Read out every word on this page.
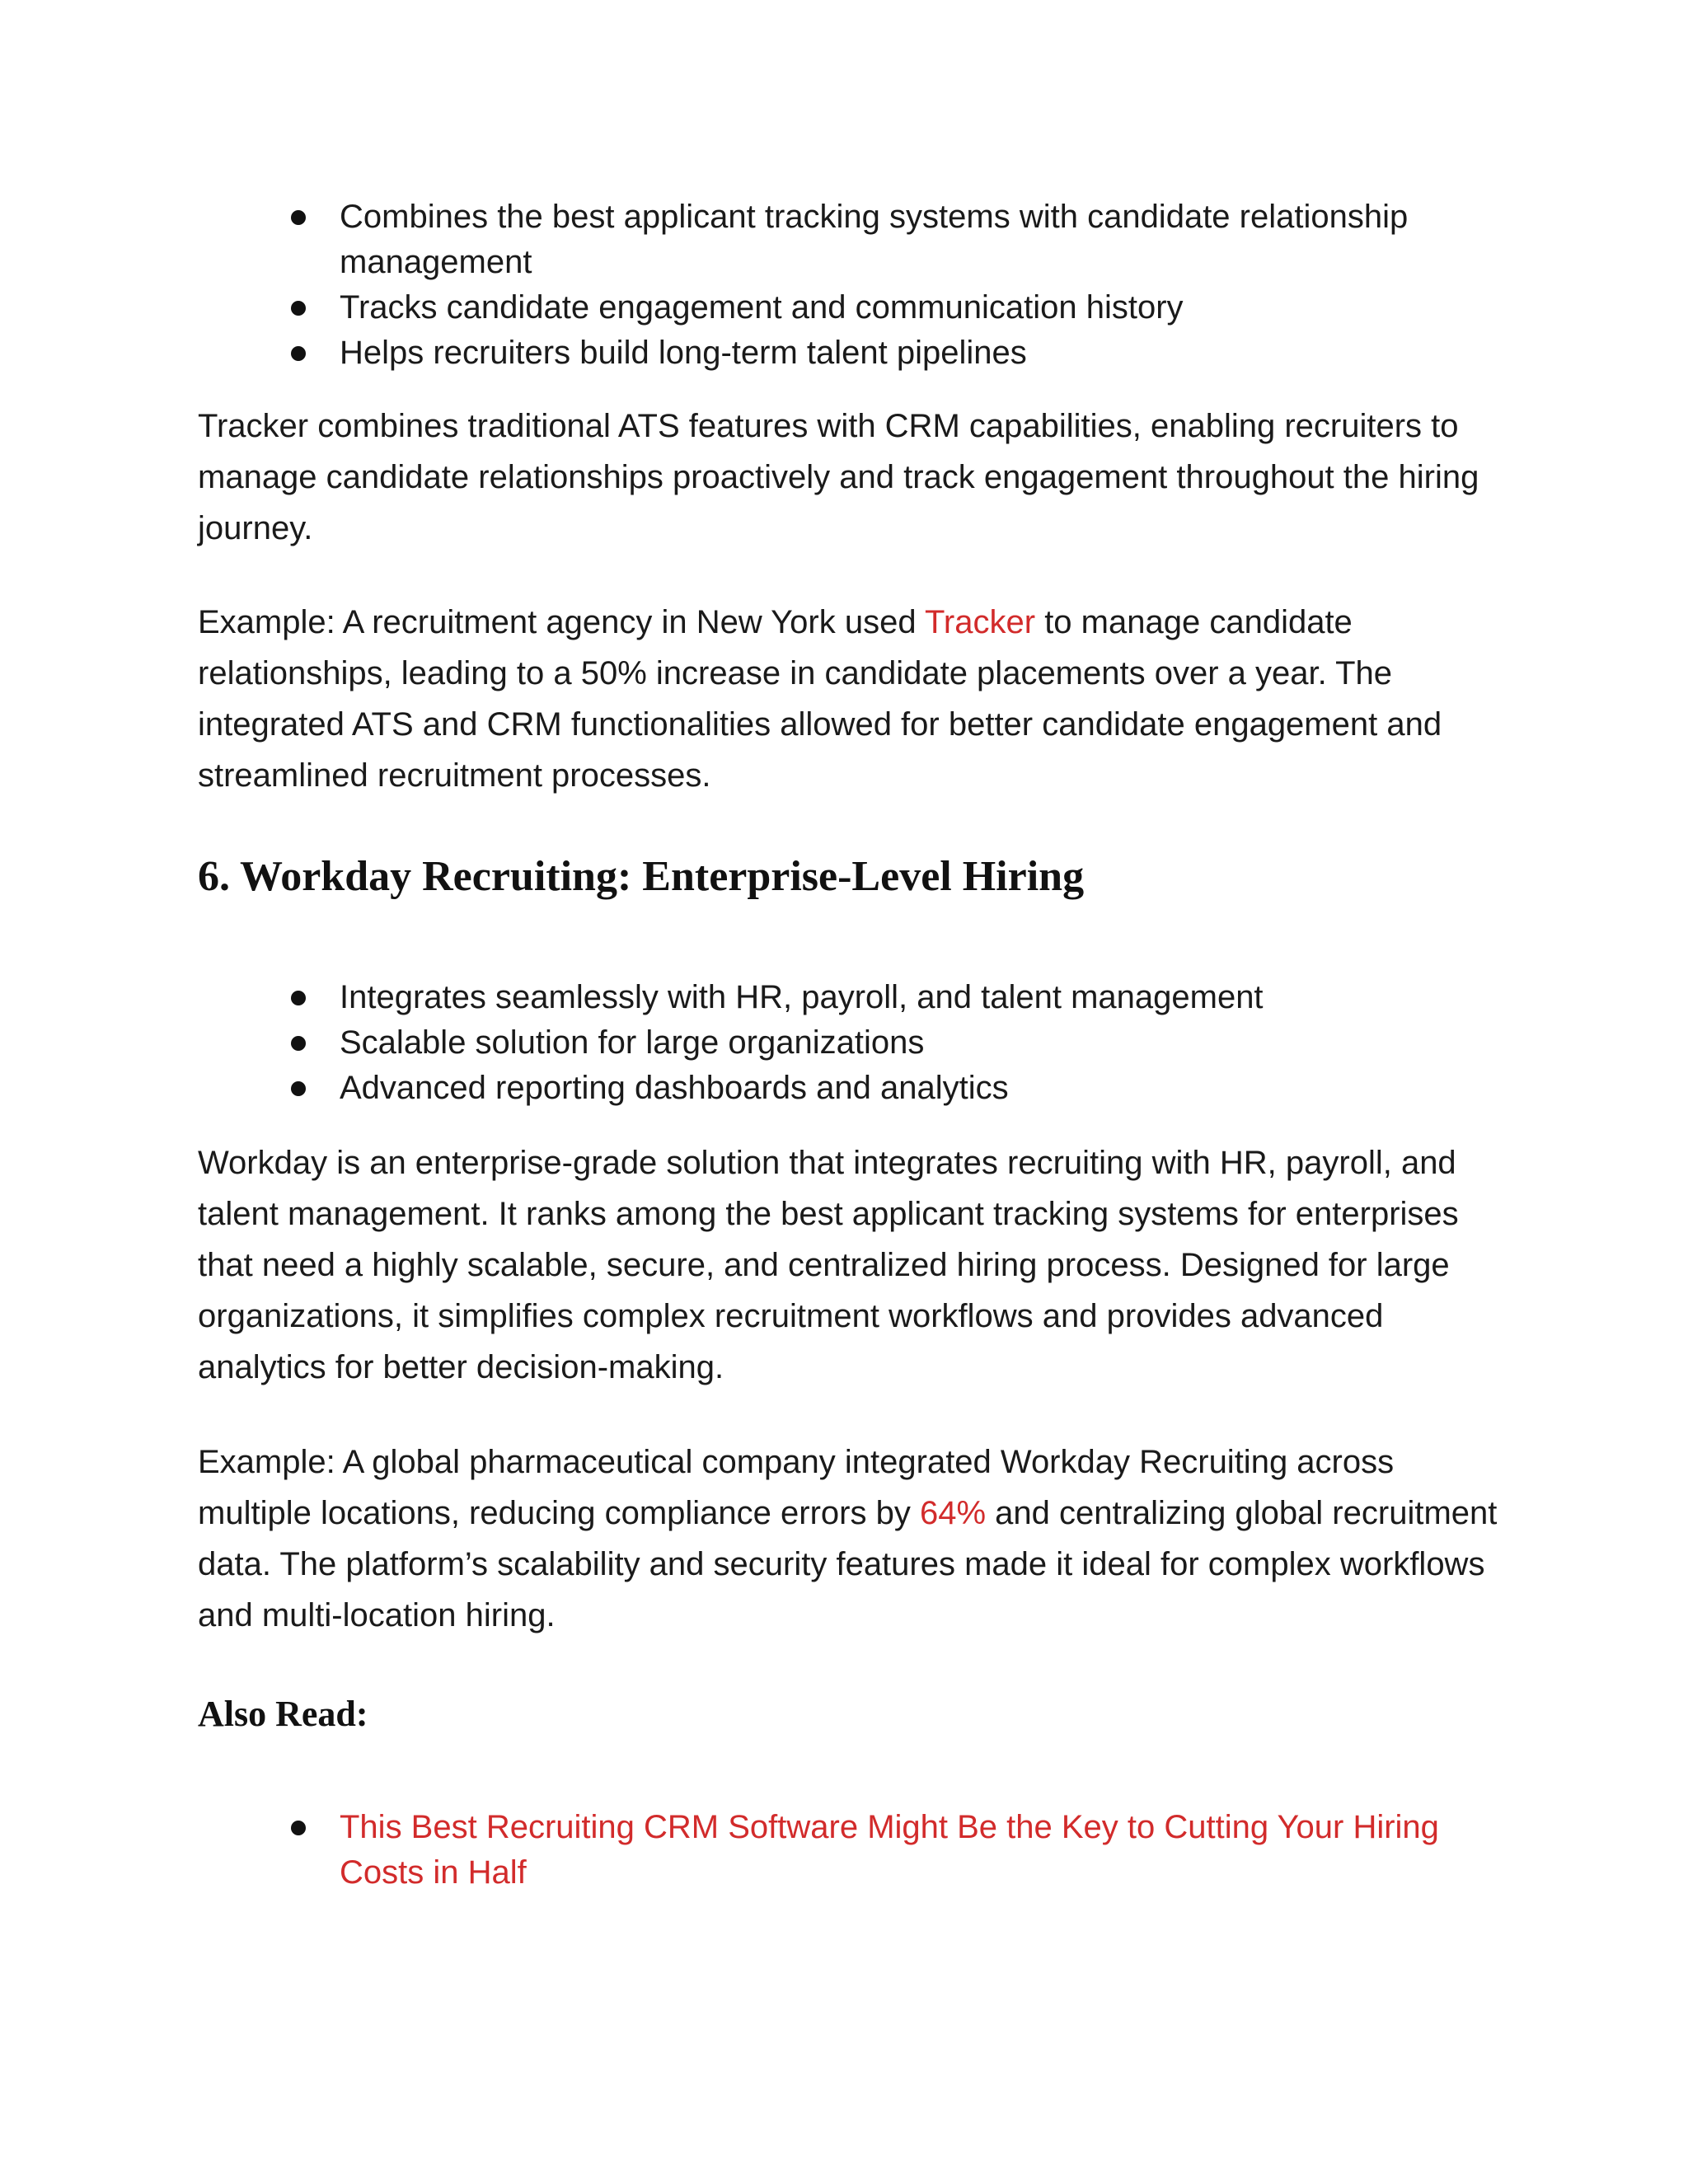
Combines the best applicant tracking systems with candidate relationship management
Tracks candidate engagement and communication history
Helps recruiters build long-term talent pipelines

Tracker combines traditional ATS features with CRM capabilities, enabling recruiters to manage candidate relationships proactively and track engagement throughout the hiring journey.

Example: A recruitment agency in New York used Tracker to manage candidate relationships, leading to a 50% increase in candidate placements over a year. The integrated ATS and CRM functionalities allowed for better candidate engagement and streamlined recruitment processes.

6. Workday Recruiting: Enterprise-Level Hiring
Integrates seamlessly with HR, payroll, and talent management
Scalable solution for large organizations
Advanced reporting dashboards and analytics

Workday is an enterprise-grade solution that integrates recruiting with HR, payroll, and talent management. It ranks among the best applicant tracking systems for enterprises that need a highly scalable, secure, and centralized hiring process. Designed for large organizations, it simplifies complex recruitment workflows and provides advanced analytics for better decision-making.

Example: A global pharmaceutical company integrated Workday Recruiting across multiple locations, reducing compliance errors by 64% and centralizing global recruitment data. The platform’s scalability and security features made it ideal for complex workflows and multi-location hiring.

Also Read:
This Best Recruiting CRM Software Might Be the Key to Cutting Your Hiring Costs in Half
